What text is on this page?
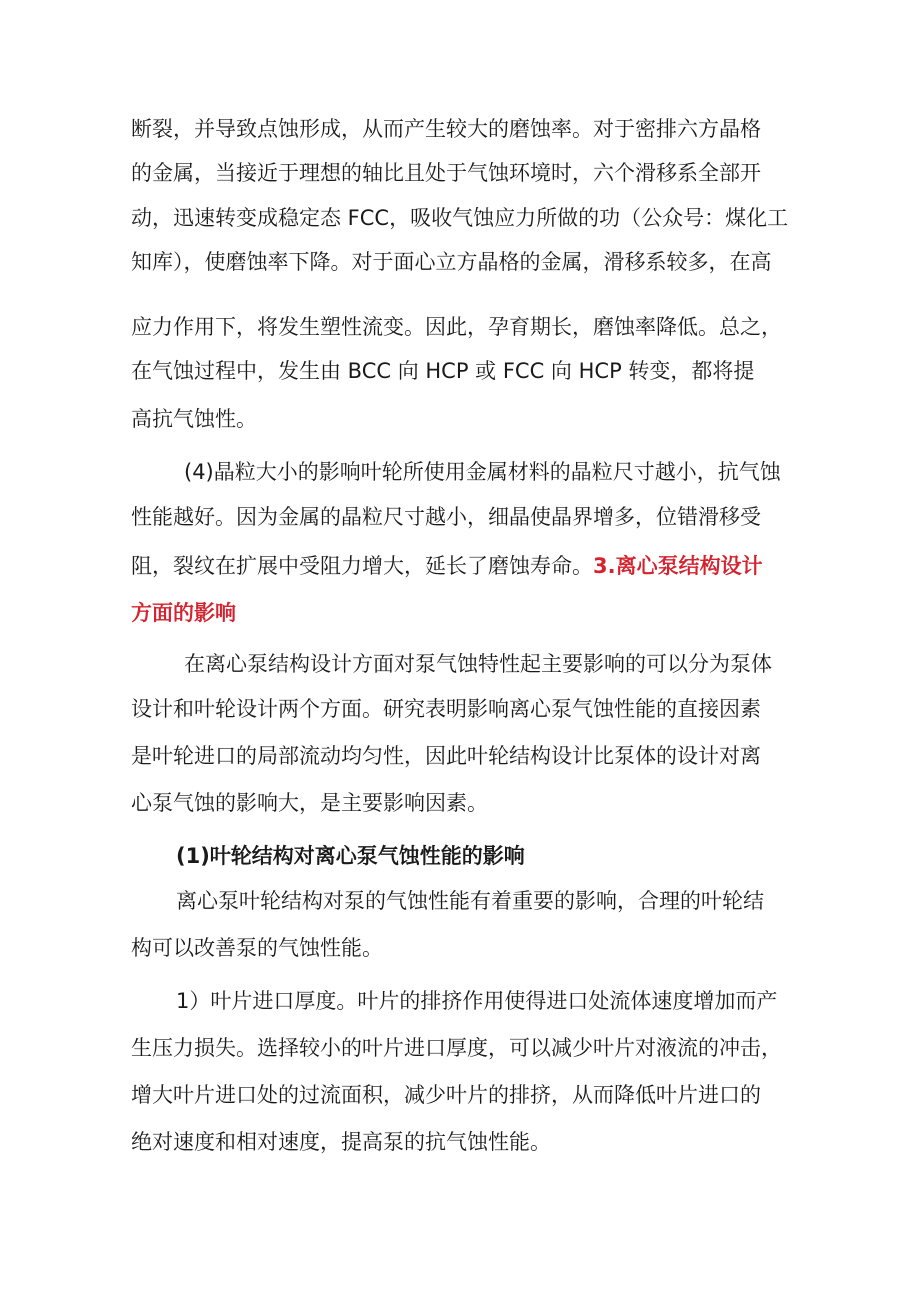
断裂，并导致点蚀形成，从而产生较大的磨蚀率。对于密排六方晶格
的金属，当接近于理想的轴比且处于气蚀环境时，六个滑移系全部开
动，迅速转变成稳定态 FCC，吸收气蚀应力所做的功（公众号：煤化工
知库），使磨蚀率下降。对于面心立方晶格的金属，滑移系较多，在高
应力作用下，将发生塑性流变。因此，孕育期长，磨蚀率降低。总之，
在气蚀过程中，发生由 BCC 向 HCP 或 FCC 向 HCP 转变，都将提
高抗气蚀性。
(4)晶粒大小的影响叶轮所使用金属材料的晶粒尺寸越小，抗气蚀
性能越好。因为金属的晶粒尺寸越小，细晶使晶界增多，位错滑移受
阻，裂纹在扩展中受阻力增大，延长了磨蚀寿命。3.离心泵结构设计
方面的影响
在离心泵结构设计方面对泵气蚀特性起主要影响的可以分为泵体
设计和叶轮设计两个方面。研究表明影响离心泵气蚀性能的直接因素
是叶轮进口的局部流动均匀性，因此叶轮结构设计比泵体的设计对离
心泵气蚀的影响大，是主要影响因素。
(1)叶轮结构对离心泵气蚀性能的影响
离心泵叶轮结构对泵的气蚀性能有着重要的影响，合理的叶轮结
构可以改善泵的气蚀性能。
1）叶片进口厚度。叶片的排挤作用使得进口处流体速度增加而产
生压力损失。选择较小的叶片进口厚度，可以减少叶片对液流的冲击，
增大叶片进口处的过流面积，减少叶片的排挤，从而降低叶片进口的
绝对速度和相对速度，提高泵的抗气蚀性能。
